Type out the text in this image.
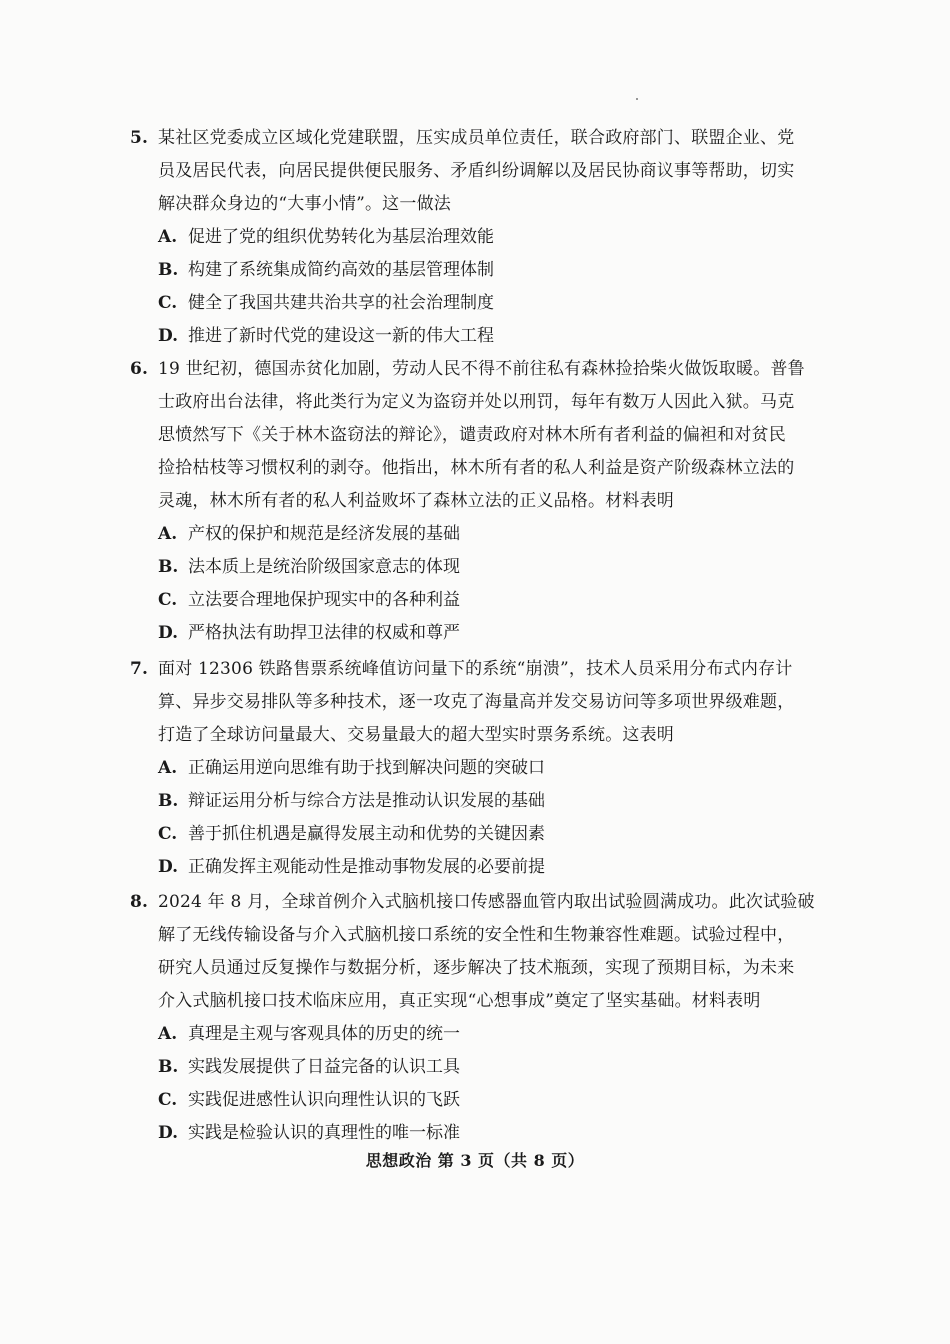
5. 某社区党委成立区域化党建联盟，压实成员单位责任，联合政府部门、联盟企业、党
员及居民代表，向居民提供便民服务、矛盾纠纷调解以及居民协商议事等帮助，切实
解决群众身边的“大事小情”。这一做法
A. 促进了党的组织优势转化为基层治理效能
B. 构建了系统集成简约高效的基层管理体制
C. 健全了我国共建共治共享的社会治理制度
D. 推进了新时代党的建设这一新的伟大工程
6. 19 世纪初，德国赤贫化加剧，劳动人民不得不前往私有森林捡拾柴火做饭取暖。普鲁
士政府出台法律，将此类行为定义为盗窃并处以刑罚，每年有数万人因此入狱。马克
思愤然写下《关于林木盗窃法的辩论》，谴责政府对林木所有者利益的偏袒和对贫民
捡拾枯枝等习惯权利的剥夺。他指出，林木所有者的私人利益是资产阶级森林立法的
灵魂，林木所有者的私人利益败坏了森林立法的正义品格。材料表明
A. 产权的保护和规范是经济发展的基础
B. 法本质上是统治阶级国家意志的体现
C. 立法要合理地保护现实中的各种利益
D. 严格执法有助捍卫法律的权威和尊严
7. 面对 12306 铁路售票系统峰值访问量下的系统“崩溃”，技术人员采用分布式内存计
算、异步交易排队等多种技术，逐一攻克了海量高并发交易访问等多项世界级难题，
打造了全球访问量最大、交易量最大的超大型实时票务系统。这表明
A. 正确运用逆向思维有助于找到解决问题的突破口
B. 辩证运用分析与综合方法是推动认识发展的基础
C. 善于抓住机遇是赢得发展主动和优势的关键因素
D. 正确发挥主观能动性是推动事物发展的必要前提
8. 2024 年 8 月，全球首例介入式脑机接口传感器血管内取出试验圆满成功。此次试验破
解了无线传输设备与介入式脑机接口系统的安全性和生物兼容性难题。试验过程中，
研究人员通过反复操作与数据分析，逐步解决了技术瓶颈，实现了预期目标，为未来
介入式脑机接口技术临床应用，真正实现“心想事成”奠定了坚实基础。材料表明
A. 真理是主观与客观具体的历史的统一
B. 实践发展提供了日益完备的认识工具
C. 实践促进感性认识向理性认识的飞跃
D. 实践是检验认识的真理性的唯一标准
思想政治 第 3 页（共 8 页）
